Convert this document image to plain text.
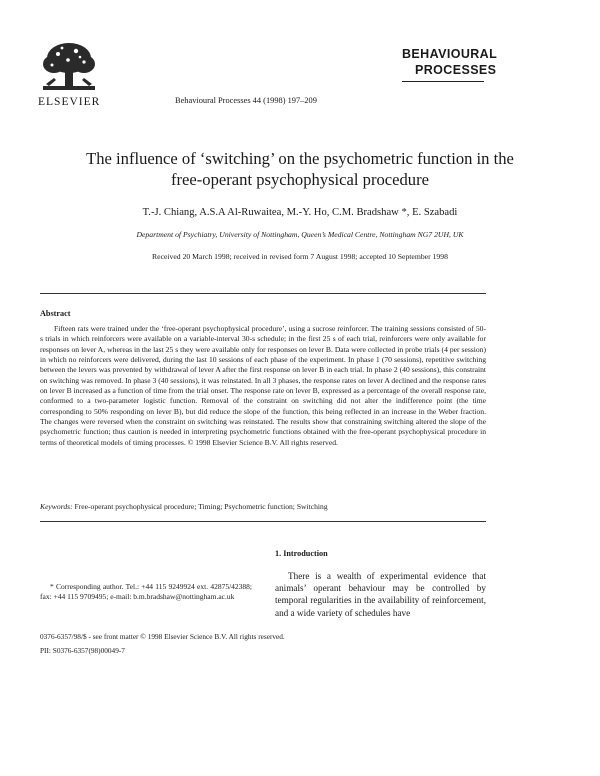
ELSEVIER	Behavioural Processes 44 (1998) 197–209
BEHAVIOURAL
PROCESSES
The influence of ‘switching’ on the psychometric function in the
free-operant psychophysical procedure
T.-J. Chiang, A.S.A Al-Ruwaitea, M.-Y. Ho, C.M. Bradshaw *, E. Szabadi
Department of Psychiatry, University of Nottingham, Queen’s Medical Centre, Nottingham NG7 2UH, UK
Received 20 March 1998; received in revised form 7 August 1998; accepted 10 September 1998
Abstract

Fifteen rats were trained under the ‘free-operant psychophysical procedure’, using a sucrose reinforcer. The training sessions consisted of 50-s trials in which reinforcers were available on a variable-interval 30-s schedule; in the first 25 s of each trial, reinforcers were only available for responses on lever A, whereas in the last 25 s they were available only for responses on lever B. Data were collected in probe trials (4 per session) in which no reinforcers were delivered, during the last 10 sessions of each phase of the experiment. In phase 1 (70 sessions), repetitive switching between the levers was prevented by withdrawal of lever A after the first response on lever B in each trial. In phase 2 (40 sessions), this constraint on switching was removed. In phase 3 (40 sessions), it was reinstated. In all 3 phases, the response rates on lever A declined and the response rates on lever B increased as a function of time from the trial onset. The response rate on lever B, expressed as a percentage of the overall response rate, conformed to a two-parameter logistic function. Removal of the constraint on switching did not alter the indifference point (the time corresponding to 50% responding on lever B), but did reduce the slope of the function, this being reflected in an increase in the Weber fraction. The changes were reversed when the constraint on switching was reinstated. The results show that constraining switching altered the slope of the psychometric function; thus caution is needed in interpreting psychometric functions obtained with the free-operant psychophysical procedure in terms of theoretical models of timing processes. © 1998 Elsevier Science B.V. All rights reserved.

Keywords: Free-operant psychophysical procedure; Timing; Psychometric function; Switching
1. Introduction

There is a wealth of experimental evidence that animals’ operant behaviour may be controlled by temporal regularities in the availability of reinforcement, and a wide variety of schedules have

* Corresponding author. Tel.: +44 115 9249924 ext. 42875/42388; fax: +44 115 9709495; e-mail: b.m.bradshaw@nottingham.ac.uk

0376-6357/98/$ - see front matter © 1998 Elsevier Science B.V. All rights reserved.
PII: S0376-6357(98)00049-7
